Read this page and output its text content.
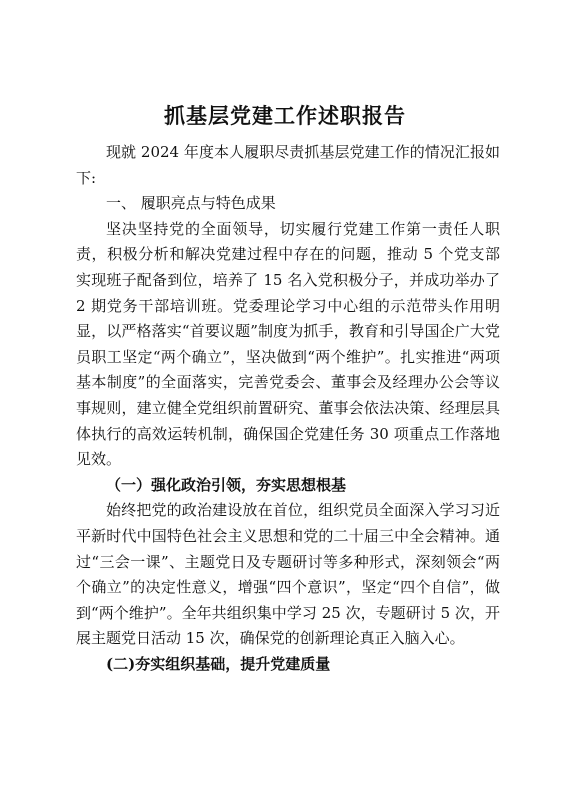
抓基层党建工作述职报告

现就 2024 年度本人履职尽责抓基层党建工作的情况汇报如下:

一、 履职亮点与特色成果

坚决坚持党的全面领导，切实履行党建工作第一责任人职责，积极分析和解决党建过程中存在的问题，推动 5 个党支部实现班子配备到位，培养了 15 名入党积极分子，并成功举办了 2 期党务干部培训班。党委理论学习中心组的示范带头作用明显，以严格落实“首要议题”制度为抓手，教育和引导国企广大党员职工坚定“两个确立”，坚决做到“两个维护”。扎实推进“两项基本制度”的全面落实，完善党委会、董事会及经理办公会等议事规则，建立健全党组织前置研究、董事会依法决策、经理层具体执行的高效运转机制，确保国企党建任务 30 项重点工作落地见效。

（一）强化政治引领，夯实思想根基

始终把党的政治建设放在首位，组织党员全面深入学习习近平新时代中国特色社会主义思想和党的二十届三中全会精神。通过“三会一课”、主题党日及专题研讨等多种形式，深刻领会“两个确立”的决定性意义，增强“四个意识”，坚定“四个自信”，做到“两个维护”。全年共组织集中学习 25 次，专题研讨 5 次，开展主题党日活动 15 次，确保党的创新理论真正入脑入心。

(二)夯实组织基础，提升党建质量
